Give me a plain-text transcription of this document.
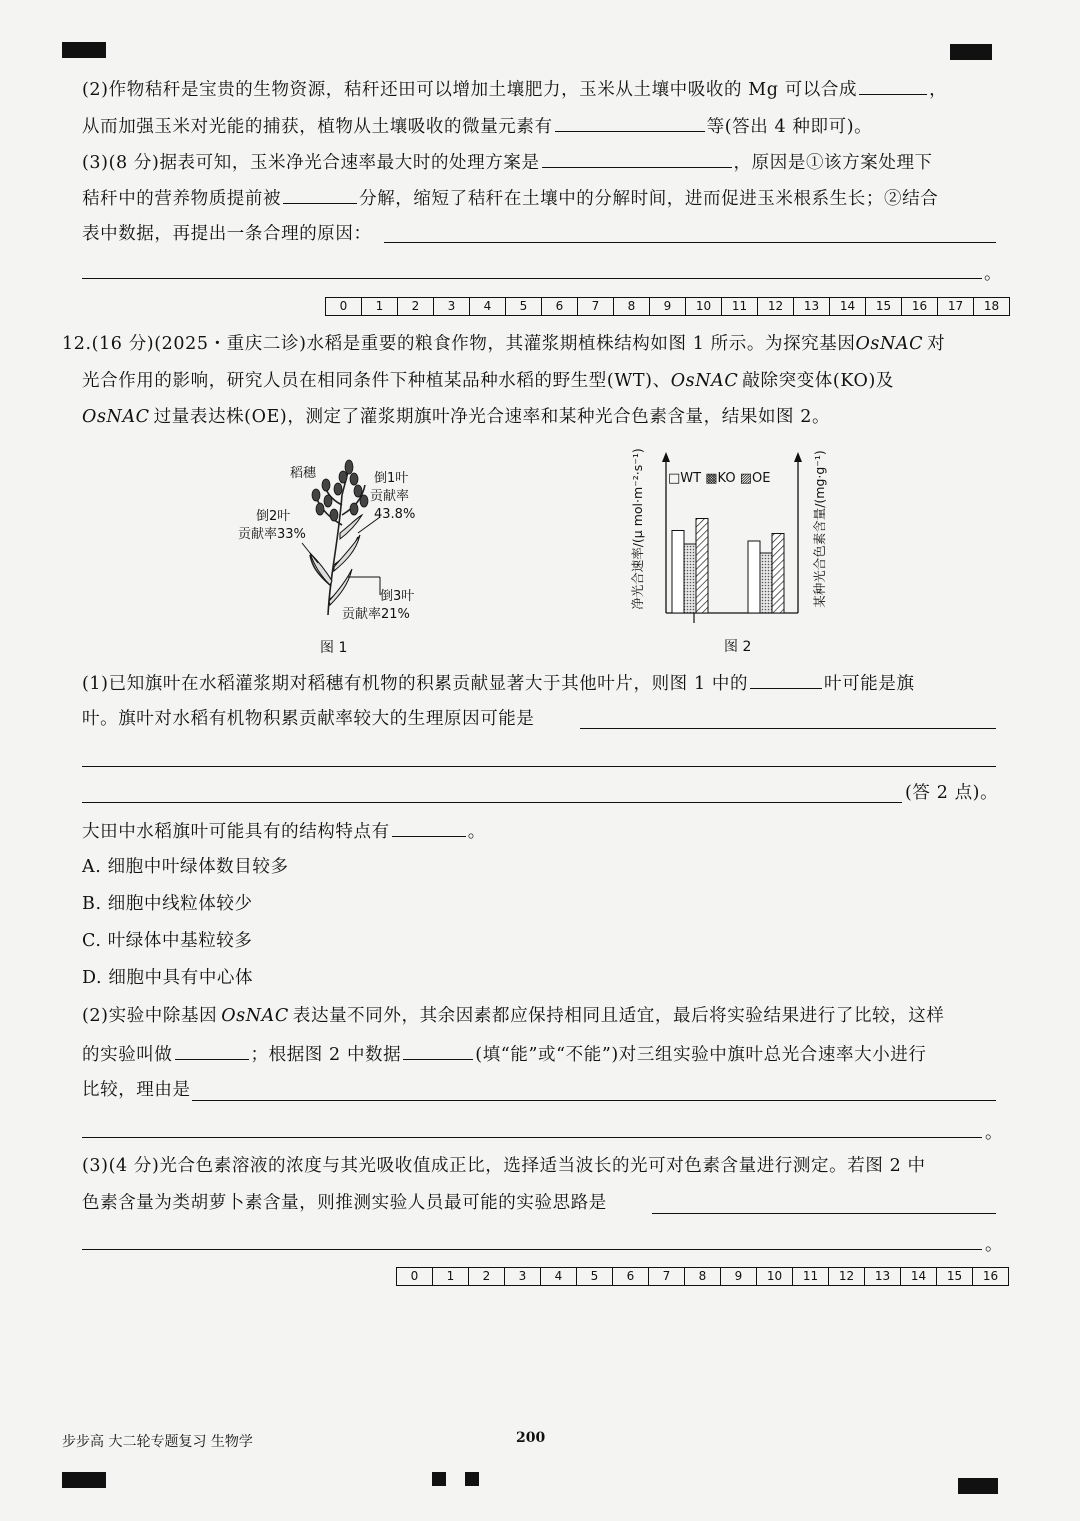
(2)作物秸秆是宝贵的生物资源，秸秆还田可以增加土壤肥力，玉米从土壤中吸收的 Mg 可以合成	，
从而加强玉米对光能的捕获，植物从土壤吸收的微量元素有	等(答出 4 种即可)。
(3)(8 分)据表可知，玉米净光合速率最大时的处理方案是	，原因是①该方案处理下
秸秆中的营养物质提前被	分解，缩短了秸秆在土壤中的分解时间，进而促进玉米根系生长；②结合
表中数据，再提出一条合理的原因：
。
0	1	2	3	4	5	6	7	8	9	10	11	12	13	14	15	16	17	18
12.(16 分)(2025・重庆二诊)水稻是重要的粮食作物，其灌浆期植株结构如图 1 所示。为探究基因OsNAC 对
光合作用的影响，研究人员在相同条件下种植某品种水稻的野生型(WT)、OsNAC 敲除突变体(KO)及
OsNAC 过量表达株(OE)，测定了灌浆期旗叶净光合速率和某种光合色素含量，结果如图 2。
稻穗	倒1叶
贡献率
43.8%
倒2叶
贡献率33%
倒3叶
贡献率21%
图 1
□WT ▩KO ▨OE
净光合速率/(μ mol·m⁻²·s⁻¹)	某种光合色素含量/(mg·g⁻¹)
图 2
(1)已知旗叶在水稻灌浆期对稻穗有机物的积累贡献显著大于其他叶片，则图 1 中的	叶可能是旗
叶。旗叶对水稻有机物积累贡献率较大的生理原因可能是
(答 2 点)。
大田中水稻旗叶可能具有的结构特点有	。
A. 细胞中叶绿体数目较多
B. 细胞中线粒体较少
C. 叶绿体中基粒较多
D. 细胞中具有中心体
(2)实验中除基因 OsNAC 表达量不同外，其余因素都应保持相同且适宜，最后将实验结果进行了比较，这样
的实验叫做	；根据图 2 中数据	(填“能”或“不能”)对三组实验中旗叶总光合速率大小进行
比较，理由是
。
(3)(4 分)光合色素溶液的浓度与其光吸收值成正比，选择适当波长的光可对色素含量进行测定。若图 2 中
色素含量为类胡萝卜素含量，则推测实验人员最可能的实验思路是
。
0	1	2	3	4	5	6	7	8	9	10	11	12	13	14	15	16
步步高 大二轮专题复习 生物学	200
